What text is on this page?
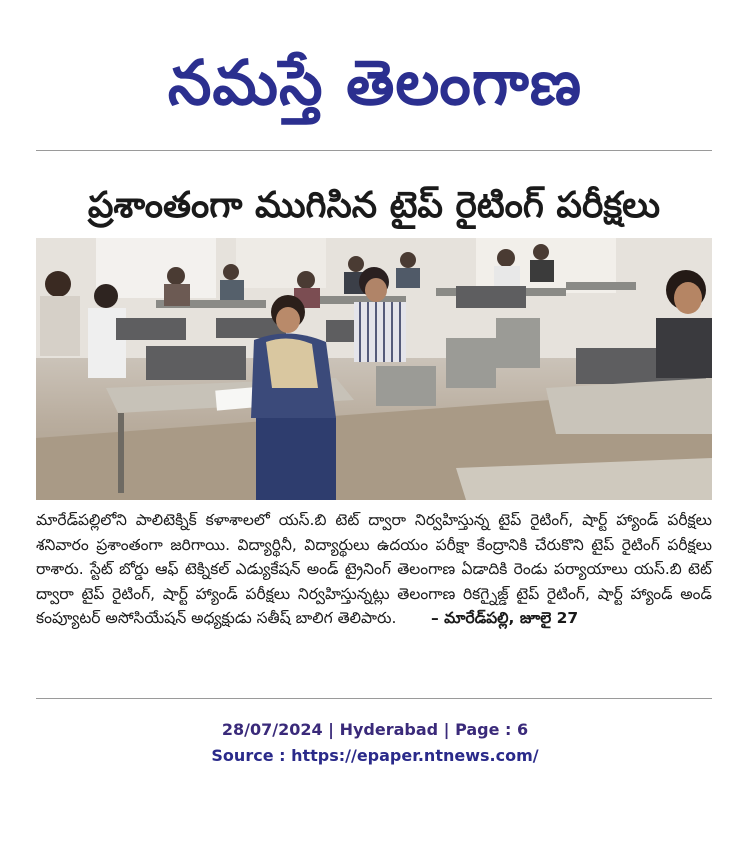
నమస్తే తెలంగాణ
ప్రశాంతంగా ముగిసిన టైప్ రైటింగ్ పరీక్షలు

మారేడ్‌పల్లిలోని పాలిటెక్నిక్ కళాశాలలో యస్.బి టెట్ ద్వారా నిర్వహిస్తున్న టైప్ రైటింగ్, షార్ట్ హ్యాండ్ పరీక్షలు శనివారం ప్రశాంతంగా జరిగాయి. విద్యార్థినీ, విద్యార్థులు ఉదయం పరీక్షా కేంద్రానికి చేరుకొని టైప్ రైటింగ్ పరీక్షలు రాశారు. స్టేట్ బోర్డు ఆఫ్ టెక్నికల్ ఎడ్యుకేషన్ అండ్ ట్రైనింగ్ తెలంగాణ ఏడాదికి రెండు పర్యాయాలు యస్.బి టెట్ ద్వారా టైప్ రైటింగ్, షార్ట్ హ్యాండ్ పరీక్షలు నిర్వహిస్తున్నట్లు తెలంగాణ రికగ్నైజ్డ్ టైప్ రైటింగ్, షార్ట్ హ్యాండ్ అండ్ కంప్యూటర్ అసోసియేషన్ అధ్యక్షుడు సతీష్ బాలిగ తెలిపారు. – మారేడ్‌పల్లి, జూలై 27

28/07/2024 | Hyderabad | Page : 6
Source : https://epaper.ntnews.com/
